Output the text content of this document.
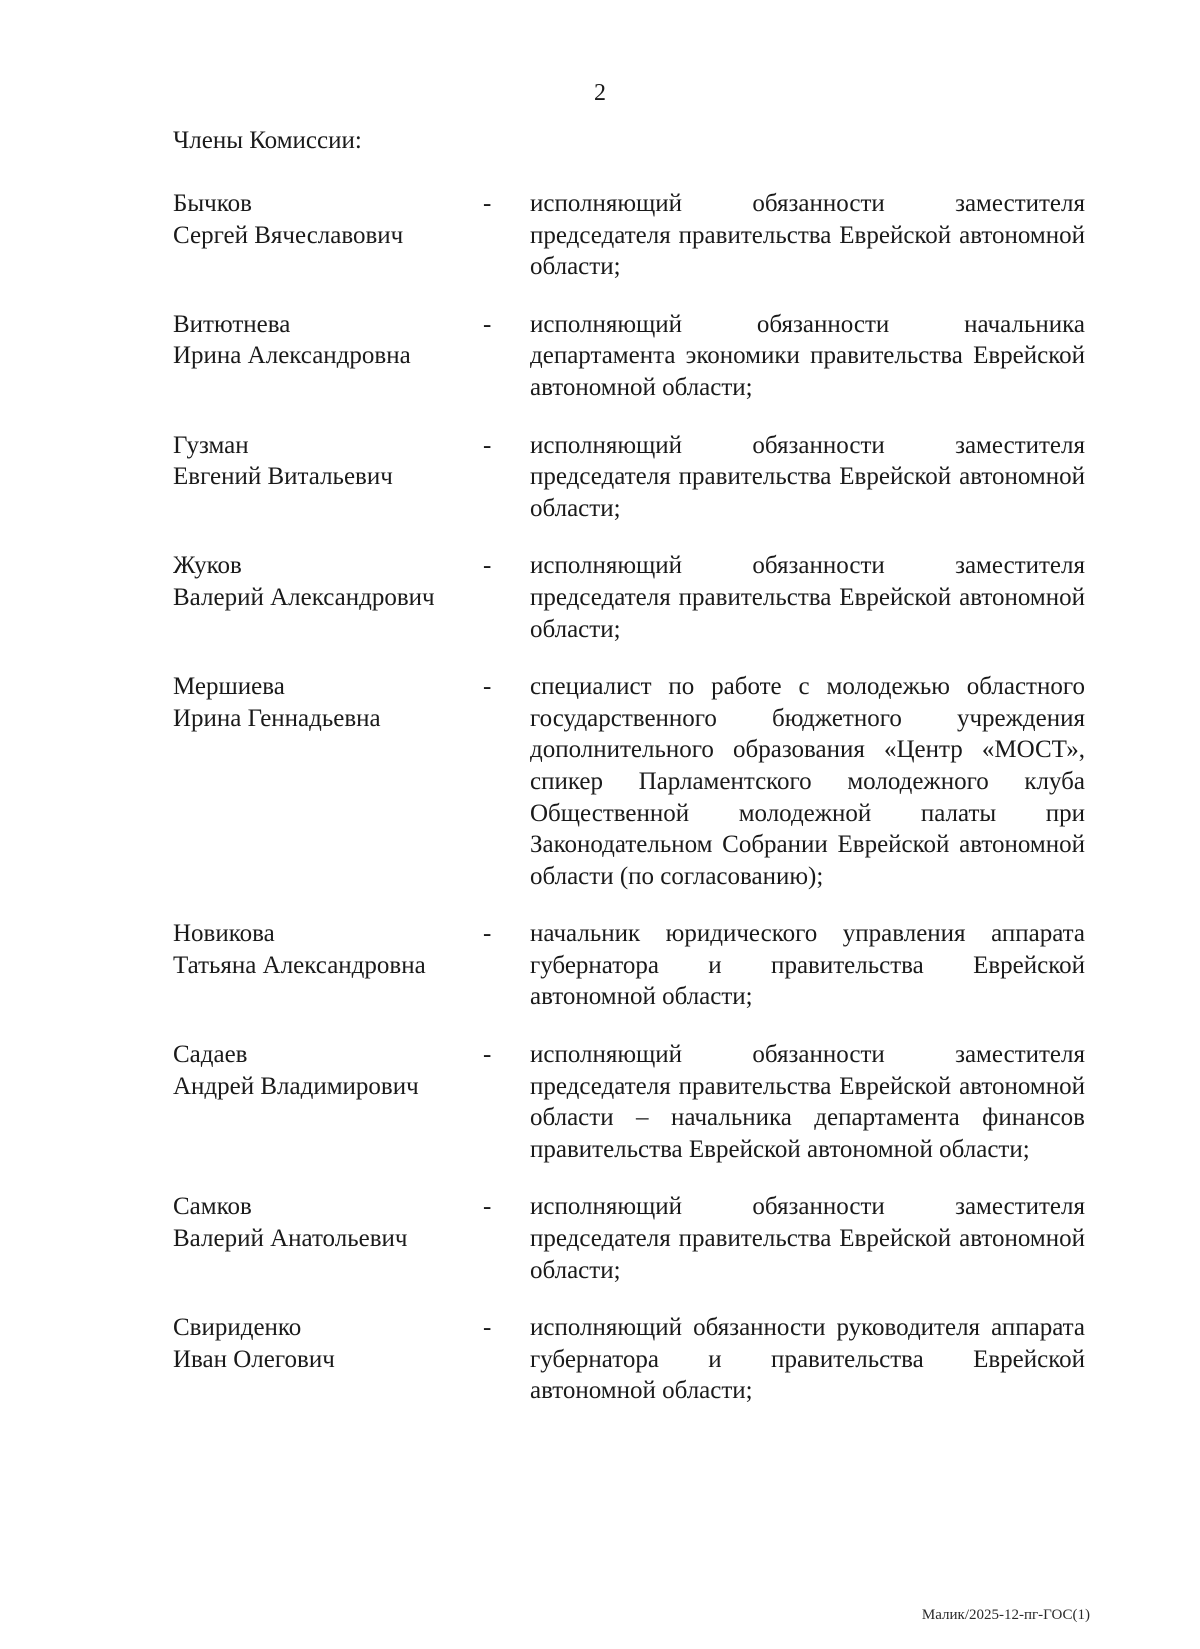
2
Члены Комиссии:
Бычков
Сергей Вячеславович
- исполняющий обязанности заместителя председателя правительства Еврейской автономной области;
Витютнева
Ирина Александровна
- исполняющий обязанности начальника департамента экономики правительства Еврейской автономной области;
Гузман
Евгений Витальевич
- исполняющий обязанности заместителя председателя правительства Еврейской автономной области;
Жуков
Валерий Александрович
- исполняющий обязанности заместителя председателя правительства Еврейской автономной области;
Мершиева
Ирина Геннадьевна
- специалист по работе с молодежью областного государственного бюджетного учреждения дополнительного образования «Центр «МОСТ», спикер Парламентского молодежного клуба Общественной молодежной палаты при Законодательном Собрании Еврейской автономной области (по согласованию);
Новикова
Татьяна Александровна
- начальник юридического управления аппарата губернатора и правительства Еврейской автономной области;
Садаев
Андрей Владимирович
- исполняющий обязанности заместителя председателя правительства Еврейской автономной области – начальника департамента финансов правительства Еврейской автономной области;
Самков
Валерий Анатольевич
- исполняющий обязанности заместителя председателя правительства Еврейской автономной области;
Свириденко
Иван Олегович
- исполняющий обязанности руководителя аппарата губернатора и правительства Еврейской автономной области;
Малик/2025-12-пг-ГОС(1)
